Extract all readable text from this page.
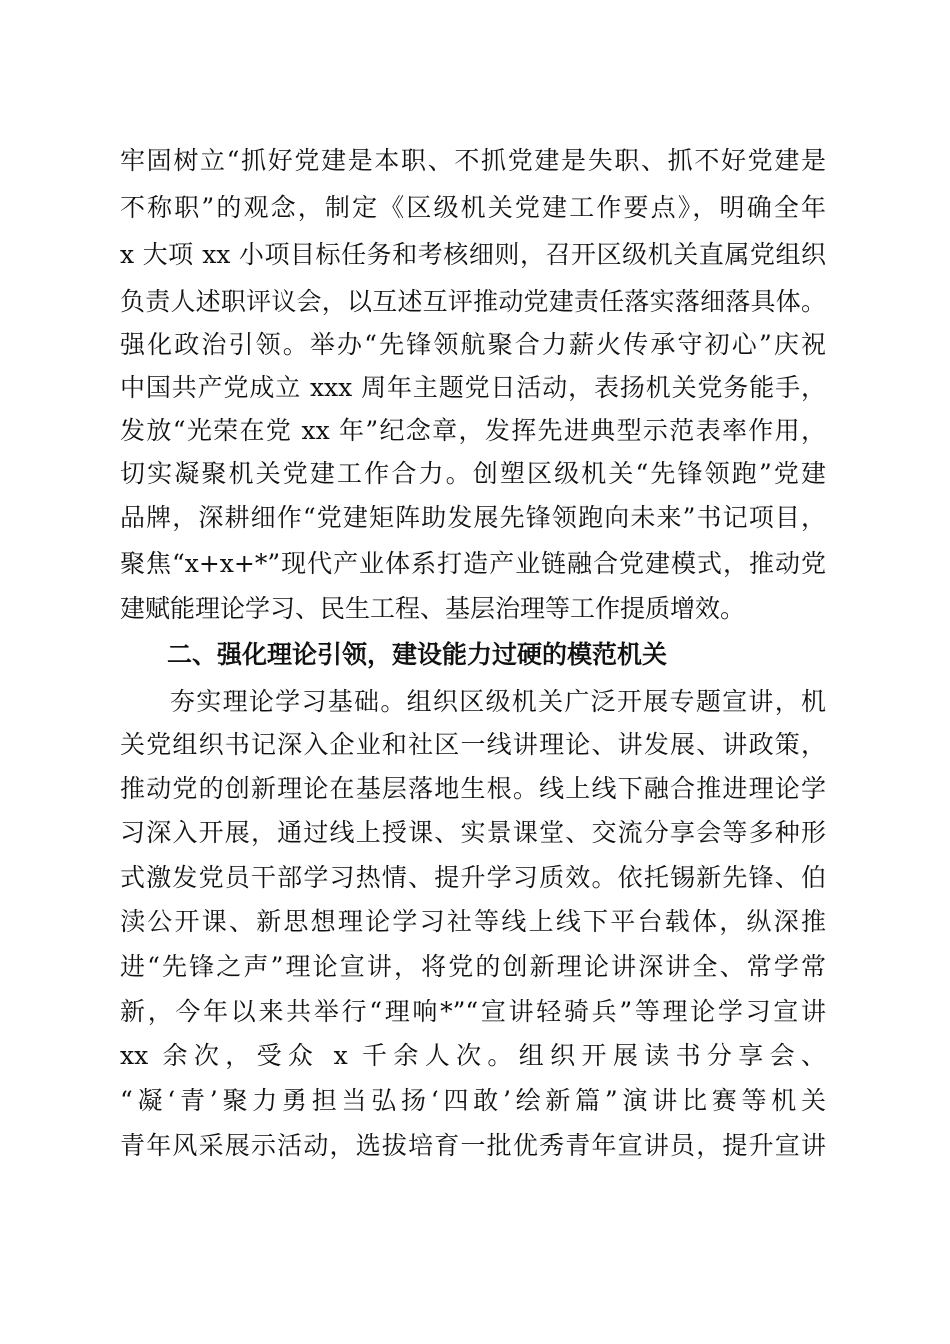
牢固树立“抓好党建是本职、不抓党建是失职、抓不好党建是
不称职”的观念，制定《区级机关党建工作要点》，明确全年
x 大项 xx 小项目标任务和考核细则，召开区级机关直属党组织
负责人述职评议会，以互述互评推动党建责任落实落细落具体。
强化政治引领。举办“先锋领航聚合力薪火传承守初心”庆祝
中国共产党成立 xxx 周年主题党日活动，表扬机关党务能手，
发放“光荣在党 xx 年”纪念章，发挥先进典型示范表率作用，
切实凝聚机关党建工作合力。创塑区级机关“先锋领跑”党建
品牌，深耕细作“党建矩阵助发展先锋领跑向未来”书记项目，
聚焦“x+x+*”现代产业体系打造产业链融合党建模式，推动党
建赋能理论学习、民生工程、基层治理等工作提质增效。
二、强化理论引领，建设能力过硬的模范机关
夯实理论学习基础。组织区级机关广泛开展专题宣讲，机
关党组织书记深入企业和社区一线讲理论、讲发展、讲政策，
推动党的创新理论在基层落地生根。线上线下融合推进理论学
习深入开展，通过线上授课、实景课堂、交流分享会等多种形
式激发党员干部学习热情、提升学习质效。依托锡新先锋、伯
渎公开课、新思想理论学习社等线上线下平台载体，纵深推
进“先锋之声”理论宣讲，将党的创新理论讲深讲全、常学常
新，今年以来共举行“理响*”“宣讲轻骑兵”等理论学习宣讲
xx 余次，受众 x 千余人次。组织开展读书分享会、
“凝‘青’聚力勇担当弘扬‘四敢’绘新篇”演讲比赛等机关
青年风采展示活动，选拔培育一批优秀青年宣讲员，提升宣讲
